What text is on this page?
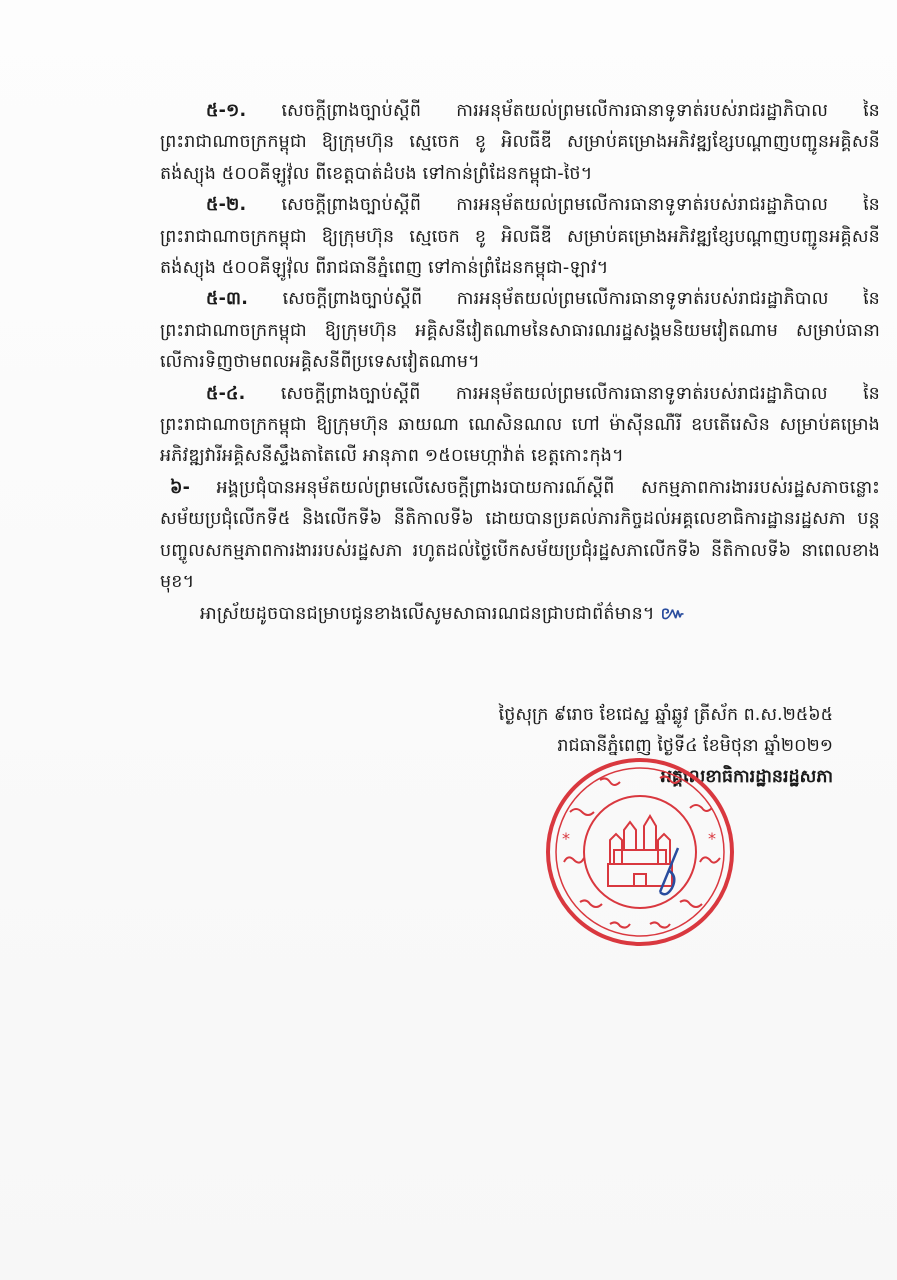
៥-១. សេចក្ដីព្រាងច្បាប់ស្ដីពី ការអនុម័តយល់ព្រមលើការធានាទូទាត់របស់រាជរដ្ឋាភិបាល នៃព្រះរាជាណាចក្រកម្ពុជា ឱ្យក្រុមហ៊ុន ស្មេចេក ខូ អិលធីឌី សម្រាប់គម្រោងអភិវឌ្ឍខ្សែបណ្ដាញបញ្ជូនអគ្គិសនី តង់ស្យុង ៥០០គីឡូវ៉ុល ពីខេត្តបាត់ដំបង ទៅកាន់ព្រំដែនកម្ពុជា-ថៃ។

៥-២. សេចក្ដីព្រាងច្បាប់ស្ដីពី ការអនុម័តយល់ព្រមលើការធានាទូទាត់របស់រាជរដ្ឋាភិបាល នៃព្រះរាជាណាចក្រកម្ពុជា ឱ្យក្រុមហ៊ុន ស្មេចេក ខូ អិលធីឌី សម្រាប់គម្រោងអភិវឌ្ឍខ្សែបណ្ដាញបញ្ជូនអគ្គិសនី តង់ស្យុង ៥០០គីឡូវ៉ុល ពីរាជធានីភ្នំពេញ ទៅកាន់ព្រំដែនកម្ពុជា-ឡាវ។

៥-៣. សេចក្ដីព្រាងច្បាប់ស្ដីពី ការអនុម័តយល់ព្រមលើការធានាទូទាត់របស់រាជរដ្ឋាភិបាល នៃព្រះរាជាណាចក្រកម្ពុជា ឱ្យក្រុមហ៊ុន អគ្គិសនីវៀតណាមនៃសាធារណរដ្ឋសង្គមនិយមវៀតណាម សម្រាប់ធានាលើការទិញថាមពលអគ្គិសនីពីប្រទេសវៀតណាម។

៥-៤. សេចក្ដីព្រាងច្បាប់ស្ដីពី ការអនុម័តយល់ព្រមលើការធានាទូទាត់របស់រាជរដ្ឋាភិបាល នៃព្រះរាជាណាចក្រកម្ពុជា ឱ្យក្រុមហ៊ុន ឆាយណា ណេសិនណល ហៅ ម៉ាស៊ីនណឺរី ឧបតើរេសិន សម្រាប់គម្រោងអភិវឌ្ឍវារីអគ្គិសនីស្ទឹងតាតៃលើ អានុភាព ១៥០មេហ្កាវ៉ាត់ ខេត្តកោះកុង។

៦- អង្គប្រជុំបានអនុម័តយល់ព្រមលើសេចក្ដីព្រាងរបាយការណ៍ស្ដីពី សកម្មភាពការងាររបស់រដ្ឋសភាចន្លោះសម័យប្រជុំលើកទី៥ និងលើកទី៦ នីតិកាលទី៦ ដោយបានប្រគល់ភារកិច្ចដល់អគ្គលេខាធិការដ្ឋានរដ្ឋសភា បន្តបញ្ចូលសកម្មភាពការងាររបស់រដ្ឋសភា រហូតដល់ថ្ងៃបើកសម័យប្រជុំរដ្ឋសភាលើកទី៦ នីតិកាលទី៦ នាពេលខាងមុខ។

អាស្រ័យដូចបានជម្រាបជូនខាងលើសូមសាធារណជនជ្រាបជាព័ត៌មាន។ ៚

ថ្ងៃសុក្រ ៩រោច ខែជេស្ឋ ឆ្នាំឆ្លូវ ត្រីស័ក ព.ស.២៥៦៥
រាជធានីភ្នំពេញ ថ្ងៃទី៤ ខែមិថុនា ឆ្នាំ២០២១
អគ្គលេខាធិការដ្ឋានរដ្ឋសភា
*	*
